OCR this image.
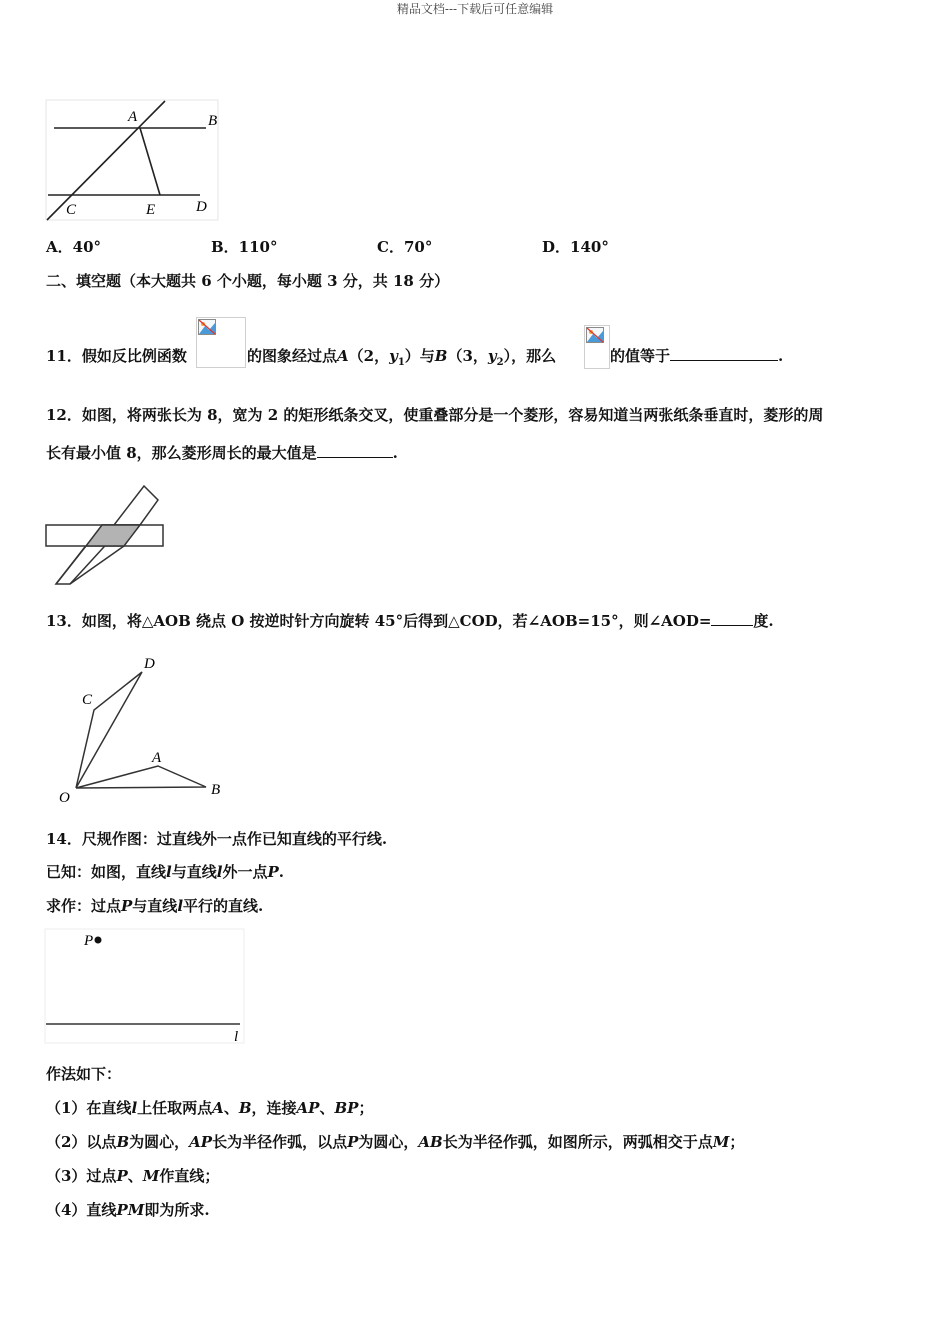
精品文档---下载后可任意编辑
A	B
C	E	D
A．40°	B．110°	C．70°	D．140°
二、填空题（本大题共 6 个小题，每小题 3 分，共 18 分）
11．假如反比例函数	的图象经过点A（2，$y_1$）与B（3，$y_2$），那么	的值等于	.
12．如图，将两张长为 8，宽为 2 的矩形纸条交叉，使重叠部分是一个菱形，容易知道当两张纸条垂直时，菱形的周
长有最小值 8，那么菱形周长的最大值是	.
13．如图，将△AOB 绕点 O 按逆时针方向旋转 45°后得到△COD，若∠AOB=15°，则∠AOD=	度.
D
C
A
O	B
14．尺规作图：过直线外一点作已知直线的平行线.
已知：如图，直线l与直线l外一点P.
求作：过点P与直线l平行的直线.
P
l
作法如下：
（1）在直线l上任取两点A、B，连接AP、BP；
（2）以点B为圆心，AP长为半径作弧，以点P为圆心，AB长为半径作弧，如图所示，两弧相交于点M；
（3）过点P、M作直线；
（4）直线PM即为所求.
